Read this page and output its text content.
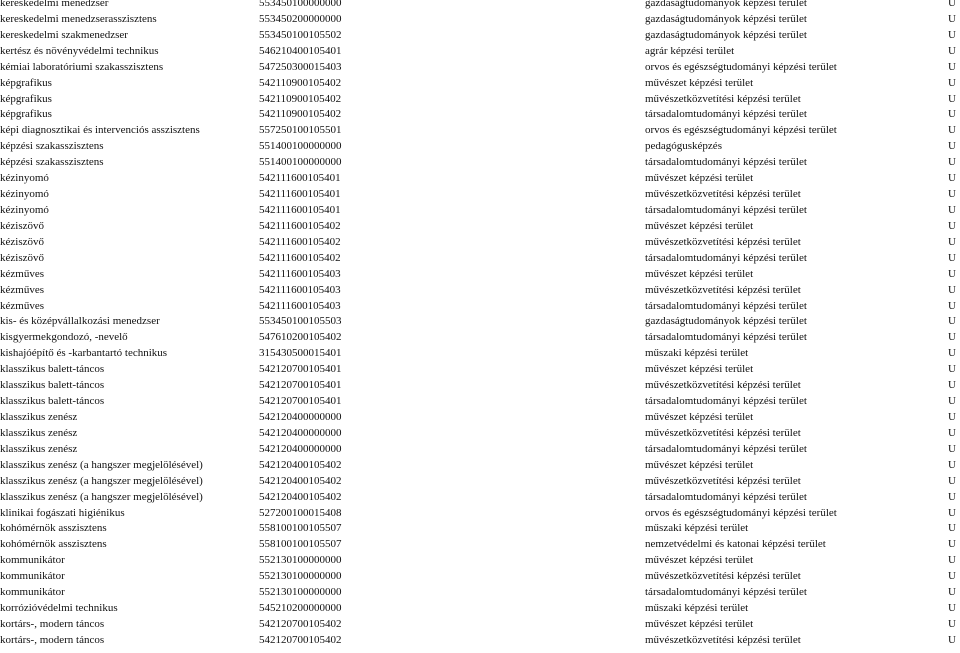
kereskedelmi menedzser	553450100000000	gazdaságtudományok képzési terület	U
kereskedelmi menedzserasszisztens	553450200000000	gazdaságtudományok képzési terület	U
kereskedelmi szakmenedzser	553450100105502	gazdaságtudományok képzési terület	U
kertész és növényvédelmi technikus	546210400105401	agrár képzési terület	U
kémiai laboratóriumi szakasszisztens	547250300015403	orvos és egészségtudományi képzési terület	U
képgrafikus	542110900105402	művészet képzési terület	U
képgrafikus	542110900105402	művészetközvetítési képzési terület	U
képgrafikus	542110900105402	társadalomtudományi képzési terület	U
képi diagnosztikai és intervenciós asszisztens	557250100105501	orvos és egészségtudományi képzési terület	U
képzési szakasszisztens	551400100000000	pedagógusképzés	U
képzési szakasszisztens	551400100000000	társadalomtudományi képzési terület	U
kézinyomó	542111600105401	művészet képzési terület	U
kézinyomó	542111600105401	művészetközvetítési képzési terület	U
kézinyomó	542111600105401	társadalomtudományi képzési terület	U
kéziszövő	542111600105402	művészet képzési terület	U
kéziszövő	542111600105402	művészetközvetítési képzési terület	U
kéziszövő	542111600105402	társadalomtudományi képzési terület	U
kézműves	542111600105403	művészet képzési terület	U
kézműves	542111600105403	művészetközvetítési képzési terület	U
kézműves	542111600105403	társadalomtudományi képzési terület	U
kis- és középvállalkozási menedzser	553450100105503	gazdaságtudományok képzési terület	U
kisgyermekgondozó, -nevelő	547610200105402	társadalomtudományi képzési terület	U
kishajóépítő és -karbantartó technikus	315430500015401	műszaki képzési terület	U
klasszikus balett-táncos	542120700105401	művészet képzési terület	U
klasszikus balett-táncos	542120700105401	művészetközvetítési képzési terület	U
klasszikus balett-táncos	542120700105401	társadalomtudományi képzési terület	U
klasszikus zenész	542120400000000	művészet képzési terület	U
klasszikus zenész	542120400000000	művészetközvetítési képzési terület	U
klasszikus zenész	542120400000000	társadalomtudományi képzési terület	U
klasszikus zenész (a hangszer megjelölésével)	542120400105402	művészet képzési terület	U
klasszikus zenész (a hangszer megjelölésével)	542120400105402	művészetközvetítési képzési terület	U
klasszikus zenész (a hangszer megjelölésével)	542120400105402	társadalomtudományi képzési terület	U
klinikai fogászati higiénikus	527200100015408	orvos és egészségtudományi képzési terület	U
kohómérnök asszisztens	558100100105507	műszaki képzési terület	U
kohómérnök asszisztens	558100100105507	nemzetvédelmi és katonai képzési terület	U
kommunikátor	552130100000000	művészet képzési terület	U
kommunikátor	552130100000000	művészetközvetítési képzési terület	U
kommunikátor	552130100000000	társadalomtudományi képzési terület	U
korrózióvédelmi technikus	545210200000000	műszaki képzési terület	U
kortárs-, modern táncos	542120700105402	művészet képzési terület	U
kortárs-, modern táncos	542120700105402	művészetközvetítési képzési terület	U
